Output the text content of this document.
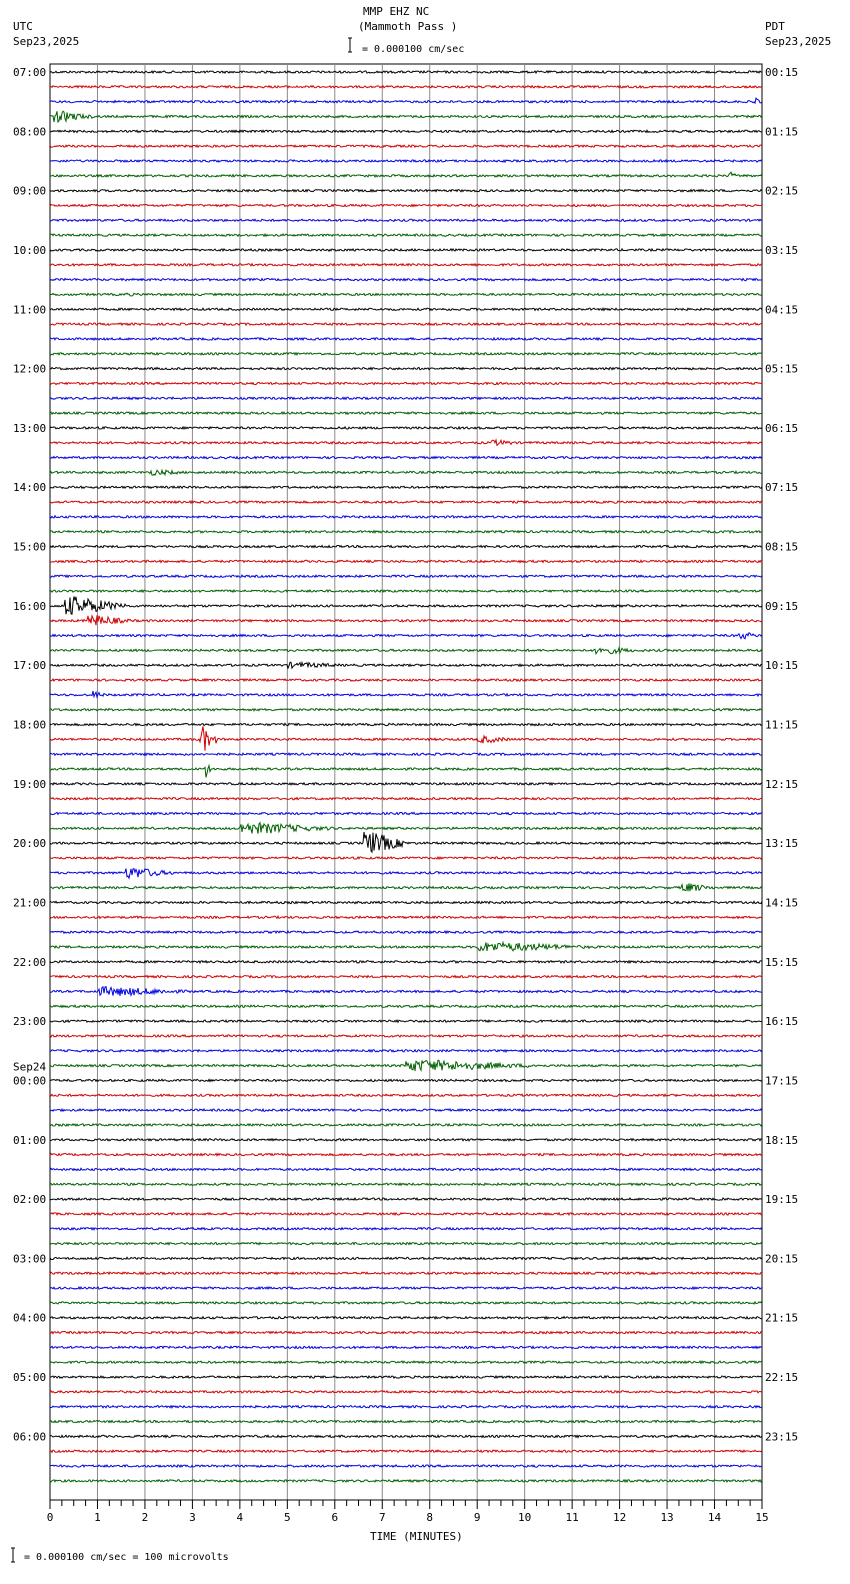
MMP EHZ NC
(Mammoth Pass )
UTC
Sep23,2025
PDT
Sep23,2025
= 0.000100 cm/sec
07:00
08:00
09:00
10:00
11:00
12:00
13:00
14:00
15:00
16:00
17:00
18:00
19:00
20:00
21:00
22:00
23:00
00:00
Sep24
01:00
02:00
03:00
04:00
05:00
06:00
00:15
01:15
02:15
03:15
04:15
05:15
06:15
07:15
08:15
09:15
10:15
11:15
12:15
13:15
14:15
15:15
16:15
17:15
18:15
19:15
20:15
21:15
22:15
23:15
0	1	2	3	4	5	6	7	8	9	10	11	12	13	14	15
TIME (MINUTES)
= 0.000100 cm/sec = 100 microvolts
